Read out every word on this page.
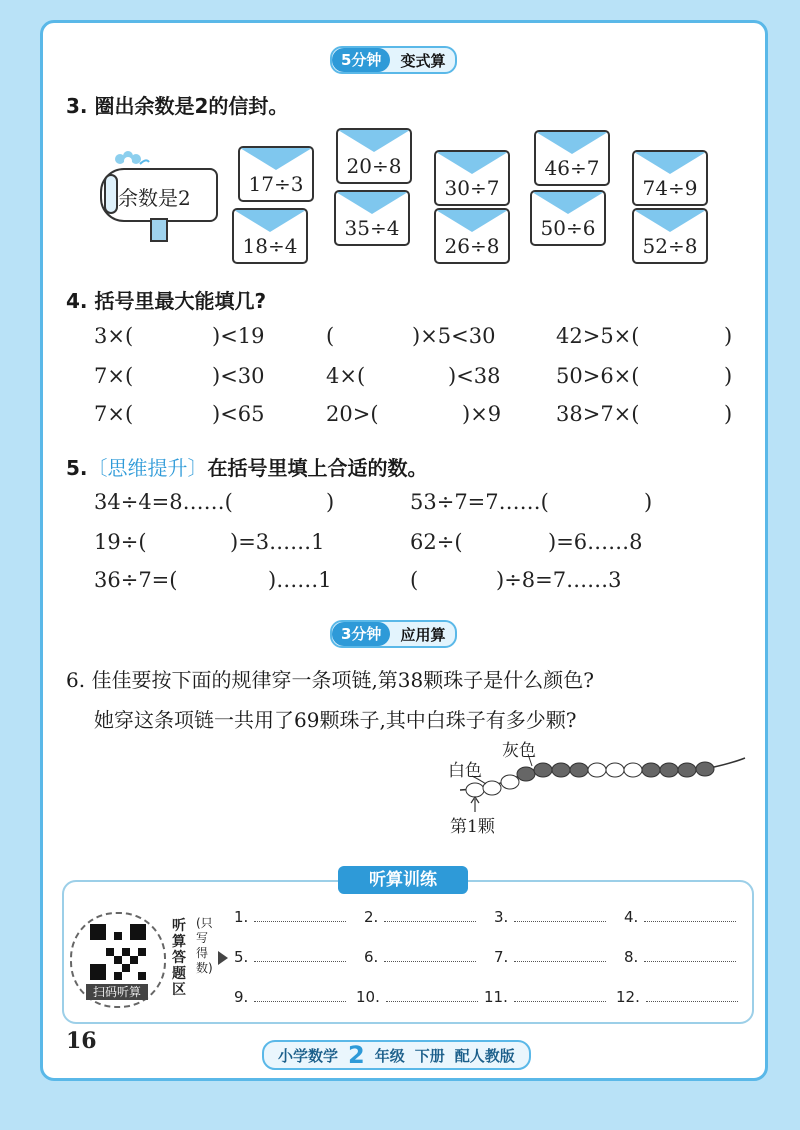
5分钟	变式算
3. 圈出余数是2的信封。
余数是2
17÷3
20÷8
30÷7
46÷7
74÷9
18÷4
35÷4
26÷8
50÷6
52÷8
4. 括号里最大能填几?
3×(	)<19	(	)×5<30	42>5×(	)
7×(	)<30	4×(	)<38	50>6×(	)
7×(	)<65	20>(	)×9	38>7×(	)
5.〔思维提升〕在括号里填上合适的数。
34÷4=8……(	)	53÷7=7……(	)
19÷(	)=3……1	62÷(	)=6……8
36÷7=(	)……1	(	)÷8=7……3
3分钟	应用算
6. 佳佳要按下面的规律穿一条项链,第38颗珠子是什么颜色?
她穿这条项链一共用了69颗珠子,其中白珠子有多少颗?
白色
灰色
第1颗
听算训练
扫码听算
听算答题区
(只写得数)
1.	2.	3.	4.
5.	6.	7.	8.
9.	10.	11.	12.
16
小学数学 2 年级 下册 配人教版
